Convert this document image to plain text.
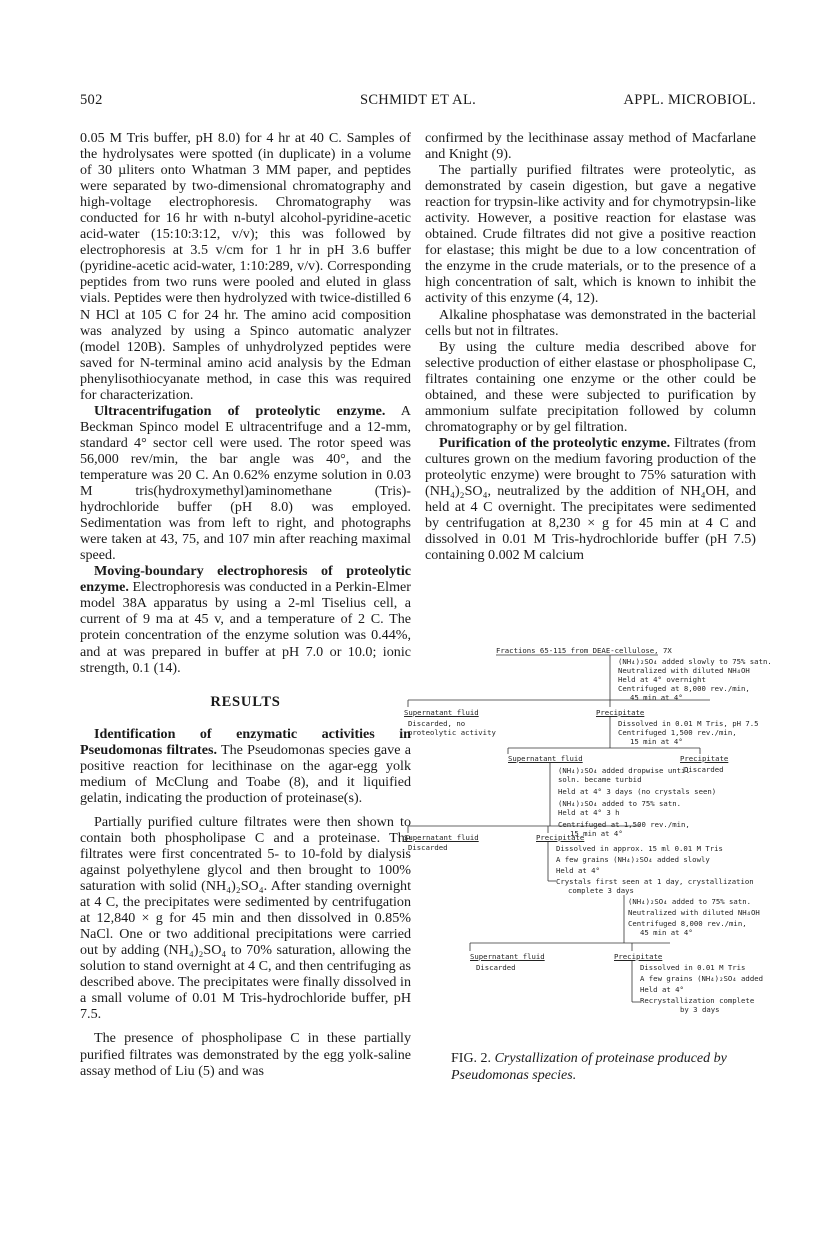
502	SCHMIDT ET AL.	APPL. MICROBIOL.

0.05 M Tris buffer, pH 8.0) for 4 hr at 40 C. Samples of the hydrolysates were spotted (in duplicate) in a volume of 30 µliters onto Whatman 3 MM paper, and peptides were separated by two-dimensional chromatography and high-voltage electrophoresis. Chromatography was conducted for 16 hr with n-butyl alcohol-pyridine-acetic acid-water (15:10:3:12, v/v); this was followed by electrophoresis at 3.5 v/cm for 1 hr in pH 3.6 buffer (pyridine-acetic acid-water, 1:10:289, v/v). Corresponding peptides from two runs were pooled and eluted in glass vials. Peptides were then hydrolyzed with twice-distilled 6 N HCl at 105 C for 24 hr. The amino acid composition was analyzed by using a Spinco automatic analyzer (model 120B). Samples of unhydrolyzed peptides were saved for N-terminal amino acid analysis by the Edman phenylisothiocyanate method, in case this was required for characterization.

Ultracentrifugation of proteolytic enzyme. A Beckman Spinco model E ultracentrifuge and a 12-mm, standard 4° sector cell were used. The rotor speed was 56,000 rev/min, the bar angle was 40°, and the temperature was 20 C. An 0.62% enzyme solution in 0.03 M tris(hydroxymethyl)aminomethane (Tris)-hydrochloride buffer (pH 8.0) was employed. Sedimentation was from left to right, and photographs were taken at 43, 75, and 107 min after reaching maximal speed.

Moving-boundary electrophoresis of proteolytic enzyme. Electrophoresis was conducted in a Perkin-Elmer model 38A apparatus by using a 2-ml Tiselius cell, a current of 9 ma at 45 v, and a temperature of 2 C. The protein concentration of the enzyme solution was 0.44%, and at was prepared in buffer at pH 7.0 or 10.0; ionic strength, 0.1 (14).

RESULTS

Identification of enzymatic activities in Pseudomonas filtrates. The Pseudomonas species gave a positive reaction for lecithinase on the agar-egg yolk medium of McClung and Toabe (8), and it liquified gelatin, indicating the production of proteinase(s).

Partially purified culture filtrates were then shown to contain both phospholipase C and a proteinase. The filtrates were first concentrated 5- to 10-fold by dialysis against polyethylene glycol and then brought to 100% saturation with solid (NH₄)₂SO₄. After standing overnight at 4 C, the precipitates were sedimented by centrifugation at 12,840 × g for 45 min and then dissolved in 0.85% NaCl. One or two additional precipitations were carried out by adding (NH₄)₂SO₄ to 70% saturation, allowing the solution to stand overnight at 4 C, and then centrifuging as described above. The precipitates were finally dissolved in a small volume of 0.01 M Tris-hydrochloride buffer, pH 7.5.

The presence of phospholipase C in these partially purified filtrates was demonstrated by the egg yolk-saline assay method of Liu (5) and was

confirmed by the lecithinase assay method of Macfarlane and Knight (9).

The partially purified filtrates were proteolytic, as demonstrated by casein digestion, but gave a negative reaction for trypsin-like activity and for chymotrypsin-like activity. However, a positive reaction for elastase was obtained. Crude filtrates did not give a positive reaction for elastase; this might be due to a low concentration of the enzyme in the crude materials, or to the presence of a high concentration of salt, which is known to inhibit the activity of this enzyme (4, 12).

Alkaline phosphatase was demonstrated in the bacterial cells but not in filtrates.

By using the culture media described above for selective production of either elastase or phospholipase C, filtrates containing one enzyme or the other could be obtained, and these were subjected to purification by ammonium sulfate precipitation followed by column chromatography or by gel filtration.

Purification of the proteolytic enzyme. Filtrates (from cultures grown on the medium favoring production of the proteolytic enzyme) were brought to 75% saturation with (NH₄)₂SO₄, neutralized by the addition of NH₄OH, and held at 4 C overnight. The precipitates were sedimented by centrifugation at 8,230 × g for 45 min at 4 C and dissolved in 0.01 M Tris-hydrochloride buffer (pH 7.5) containing 0.002 M calcium

Fractions 65-115 from DEAE-cellulose, 7X
(NH₄)₂SO₄ added slowly to 75% satn.
Neutralized with diluted NH₄OH
Held at 4° overnight
Centrifuged at 8,000 rev./min,
45 min at 4°
Supernatant fluid
Discarded, no
proteolytic activity
Precipitate
Dissolved in 0.01 M Tris, pH 7.5
Centrifuged 1,500 rev./min,
15 min at 4°
Supernatant fluid	Precipitate
Discarded
(NH₄)₂SO₄ added dropwise until
soln. became turbid
Held at 4° 3 days (no crystals seen)
(NH₄)₂SO₄ added to 75% satn.
Held at 4° 3 h
Centrifuged at 1,500 rev./min,
15 min at 4°
Supernatant fluid
Discarded
Precipitate
Dissolved in approx. 15 ml 0.01 M Tris
A few grains (NH₄)₂SO₄ added slowly
Held at 4°
Crystals first seen at 1 day, crystallization
complete 3 days
(NH₄)₂SO₄ added to 75% satn.
Neutralized with diluted NH₄OH
Centrifuged 8,000 rev./min,
45 min at 4°
Supernatant fluid
Discarded
Precipitate
Dissolved in 0.01 M Tris
A few grains (NH₄)₂SO₄ added
Held at 4°
Recrystallization complete
by 3 days
FIG. 2. Crystallization of proteinase produced by Pseudomonas species.
